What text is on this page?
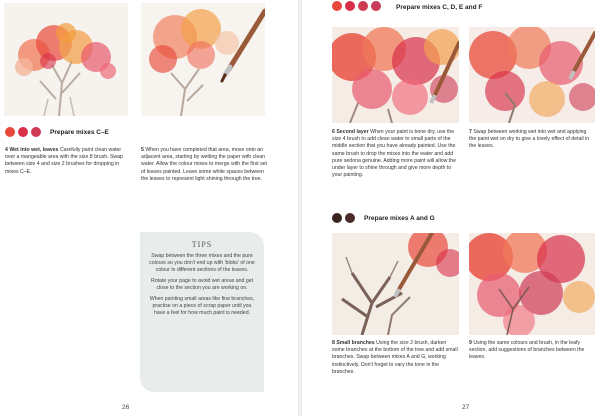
Prepare mixes C–E
4 Wet into wet, leaves Carefully paint clean water over a mangeable area with the size 8 brush. Swap between size 4 and size 2 brushes for dropping in mixes C–E.
5 When you have completed that area, move onto an adjacent area, starting by wetting the paper with clean water. Allow the colour mixes to merge with the first set of leaves painted. Leave some white spaces between the leaves to represent light shining through the tree.
TIPS

Swap between the three mixes and the pure colours so you don't end up with 'blobs' of one colour in different sections of the leaves.

Rotate your page to avoid wet areas and get close to the section you are working on.

When painting small areas like fine branches, practise on a piece of scrap paper until you have a feel for how much paint is needed.

26
Prepare mixes C, D, E and F
6 Second layer When your paint is bone dry, use the size 4 brush to add clean water to small parts of the middle section that you have already painted. Use the same brush to drop the mixes into the water and add pure sedona genuine. Adding more paint will allow the under layer to shine through and give more depth to your painting.
7 Swap between working wet into wet and applying the paint wet on dry to give a lovely effect of detail in the leaves.
Prepare mixes A and G
8 Small branches Using the size 2 brush, darken some branches at the bottom of the tree and add small branches. Swap between mixes A and G, working instinctively. Don't forget to vary the tone in the branches.
9 Using the same colours and brush, in the leafy section, add suggestions of branches between the leaves.
27
